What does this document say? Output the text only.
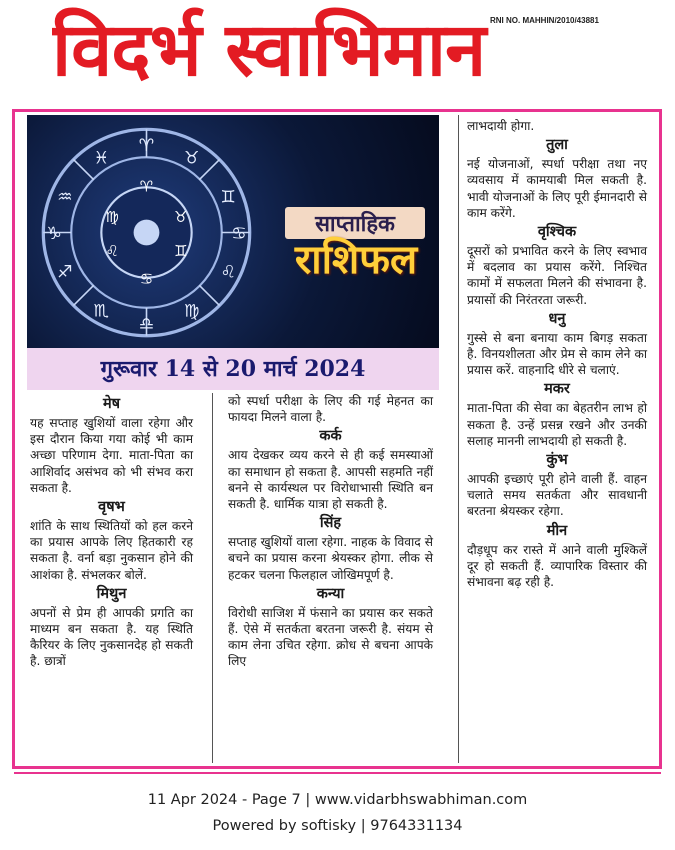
विदर्भ स्वाभिमान RNI NO. MAHHIN/2010/43881
♈
♉
♊
♋
♌
♍
♎
♏
♐
♑
♒
♓
♈
♉
♊
♋
♌
♍	साप्ताहिक
राशिफल
गुरूवार 14 से 20 मार्च 2024
मेष

यह सप्ताह खुशियों वाला रहेगा और इस दौरान किया गया कोई भी काम अच्छा परिणाम देगा. माता-पिता का आशिर्वाद असंभव को भी संभव करा सकता है.

वृषभ

शांति के साथ स्थितियों को हल करने का प्रयास आपके लिए हितकारी रह सकता है. वर्ना बड़ा नुकसान होने की आशंका है. संभलकर बोलें.

मिथुन

अपनों से प्रेम ही आपकी प्रगति का माध्यम बन सकता है. यह स्थिति कैरियर के लिए नुकसानदेह हो सकती है. छात्रों

को स्पर्धा परीक्षा के लिए की गई मेहनत का फायदा मिलने वाला है.

कर्क

आय देखकर व्यय करने से ही कई समस्याओं का समाधान हो सकता है. आपसी सहमति नहीं बनने से कार्यस्थल पर विरोधाभासी स्थिति बन सकती है. धार्मिक यात्रा हो सकती है.

सिंह

सप्ताह खुशियों वाला रहेगा. नाहक के विवाद से बचने का प्रयास करना श्रेयस्कर होगा. लीक से हटकर चलना फिलहाल जोखिमपूर्ण है.

कन्या

विरोधी साजिश में फंसाने का प्रयास कर सकते हैं. ऐसे में सतर्कता बरतना जरूरी है. संयम से काम लेना उचित रहेगा. क्रोध से बचना आपके लिए

लाभदायी होगा.

तुला

नई योजनाओं, स्पर्धा परीक्षा तथा नए व्यवसाय में कामयाबी मिल सकती है. भावी योजनाओं के लिए पूरी ईमानदारी से काम करेंगे.

वृश्चिक

दूसरों को प्रभावित करने के लिए स्वभाव में बदलाव का प्रयास करेंगे. निश्चित कामों में सफलता मिलने की संभावना है. प्रयासों की निरंतरता जरूरी.

धनु

गुस्से से बना बनाया काम बिगड़ सकता है. विनयशीलता और प्रेम से काम लेने का प्रयास करें. वाहनादि धीरे से चलाएं.

मकर

माता-पिता की सेवा का बेहतरीन लाभ हो सकता है. उन्हें प्रसन्न रखने और उनकी सलाह माननी लाभदायी हो सकती है.

कुंभ

आपकी इच्छाएं पूरी होने वाली हैं. वाहन चलाते समय सतर्कता और सावधानी बरतना श्रेयस्कर रहेगा.

मीन

दौड़धूप कर रास्ते में आने वाली मुश्किलें दूर हो सकती हैं. व्यापारिक विस्तार की संभावना बढ़ रही है.

11 Apr 2024 - Page 7 | www.vidarbhswabhiman.com
Powered by softisky | 9764331134
